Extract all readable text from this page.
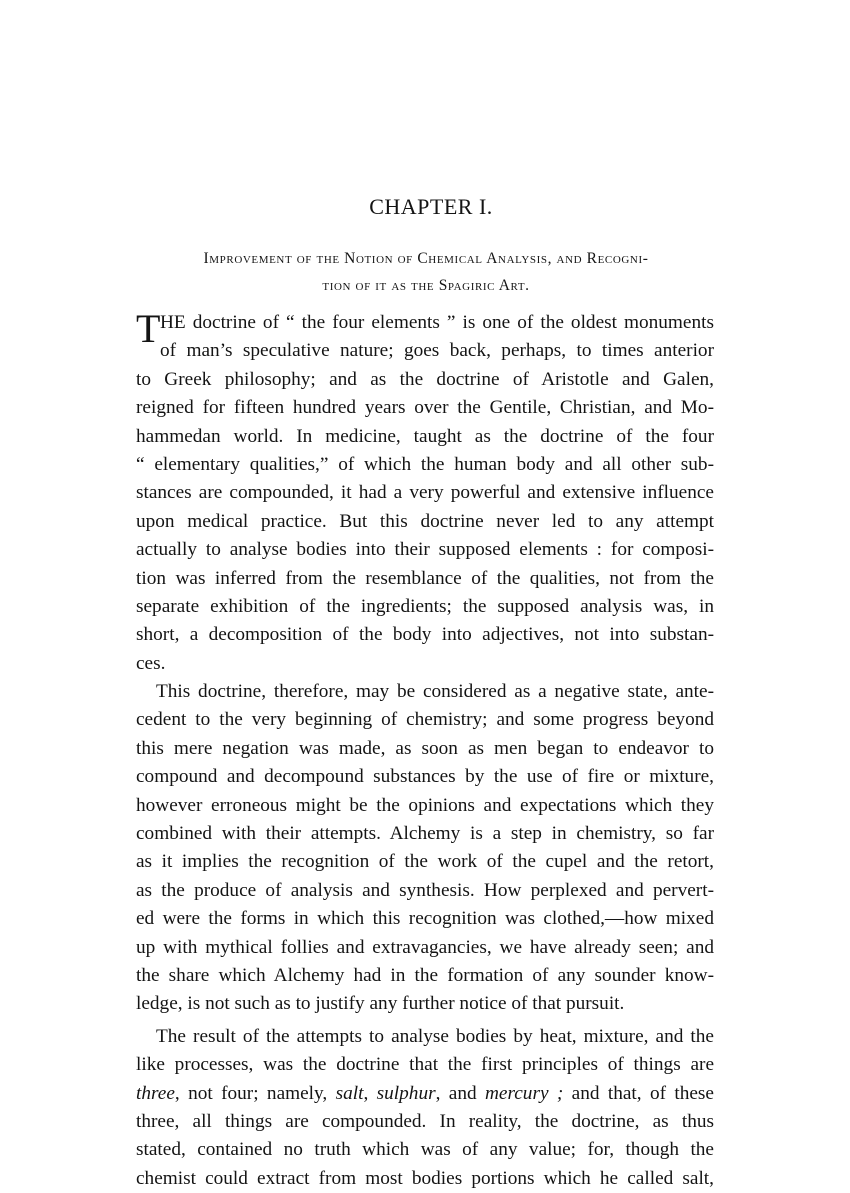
CHAPTER I.
Improvement of the Notion of Chemical Analysis, and Recogni-
tion of it as the Spagiric Art.
T HE doctrine of “ the four elements ” is one of the oldest monuments
of man’s speculative nature; goes back, perhaps, to times anterior
to Greek philosophy; and as the doctrine of Aristotle and Galen,
reigned for fifteen hundred years over the Gentile, Christian, and Mo-
hammedan world. In medicine, taught as the doctrine of the four
“ elementary qualities,” of which the human body and all other sub-
stances are compounded, it had a very powerful and extensive influence
upon medical practice. But this doctrine never led to any attempt
actually to analyse bodies into their supposed elements : for composi-
tion was inferred from the resemblance of the qualities, not from the
separate exhibition of the ingredients; the supposed analysis was, in
short, a decomposition of the body into adjectives, not into substan-
ces.
This doctrine, therefore, may be considered as a negative state, ante-
cedent to the very beginning of chemistry; and some progress beyond
this mere negation was made, as soon as men began to endeavor to
compound and decompound substances by the use of fire or mixture,
however erroneous might be the opinions and expectations which they
combined with their attempts. Alchemy is a step in chemistry, so far
as it implies the recognition of the work of the cupel and the retort,
as the produce of analysis and synthesis. How perplexed and pervert-
ed were the forms in which this recognition was clothed,—how mixed
up with mythical follies and extravagancies, we have already seen; and
the share which Alchemy had in the formation of any sounder know-
ledge, is not such as to justify any further notice of that pursuit.
The result of the attempts to analyse bodies by heat, mixture, and the
like processes, was the doctrine that the first principles of things are
three, not four; namely, salt, sulphur, and mercury ; and that, of these
three, all things are compounded. In reality, the doctrine, as thus
stated, contained no truth which was of any value; for, though the
chemist could extract from most bodies portions which he called salt,
